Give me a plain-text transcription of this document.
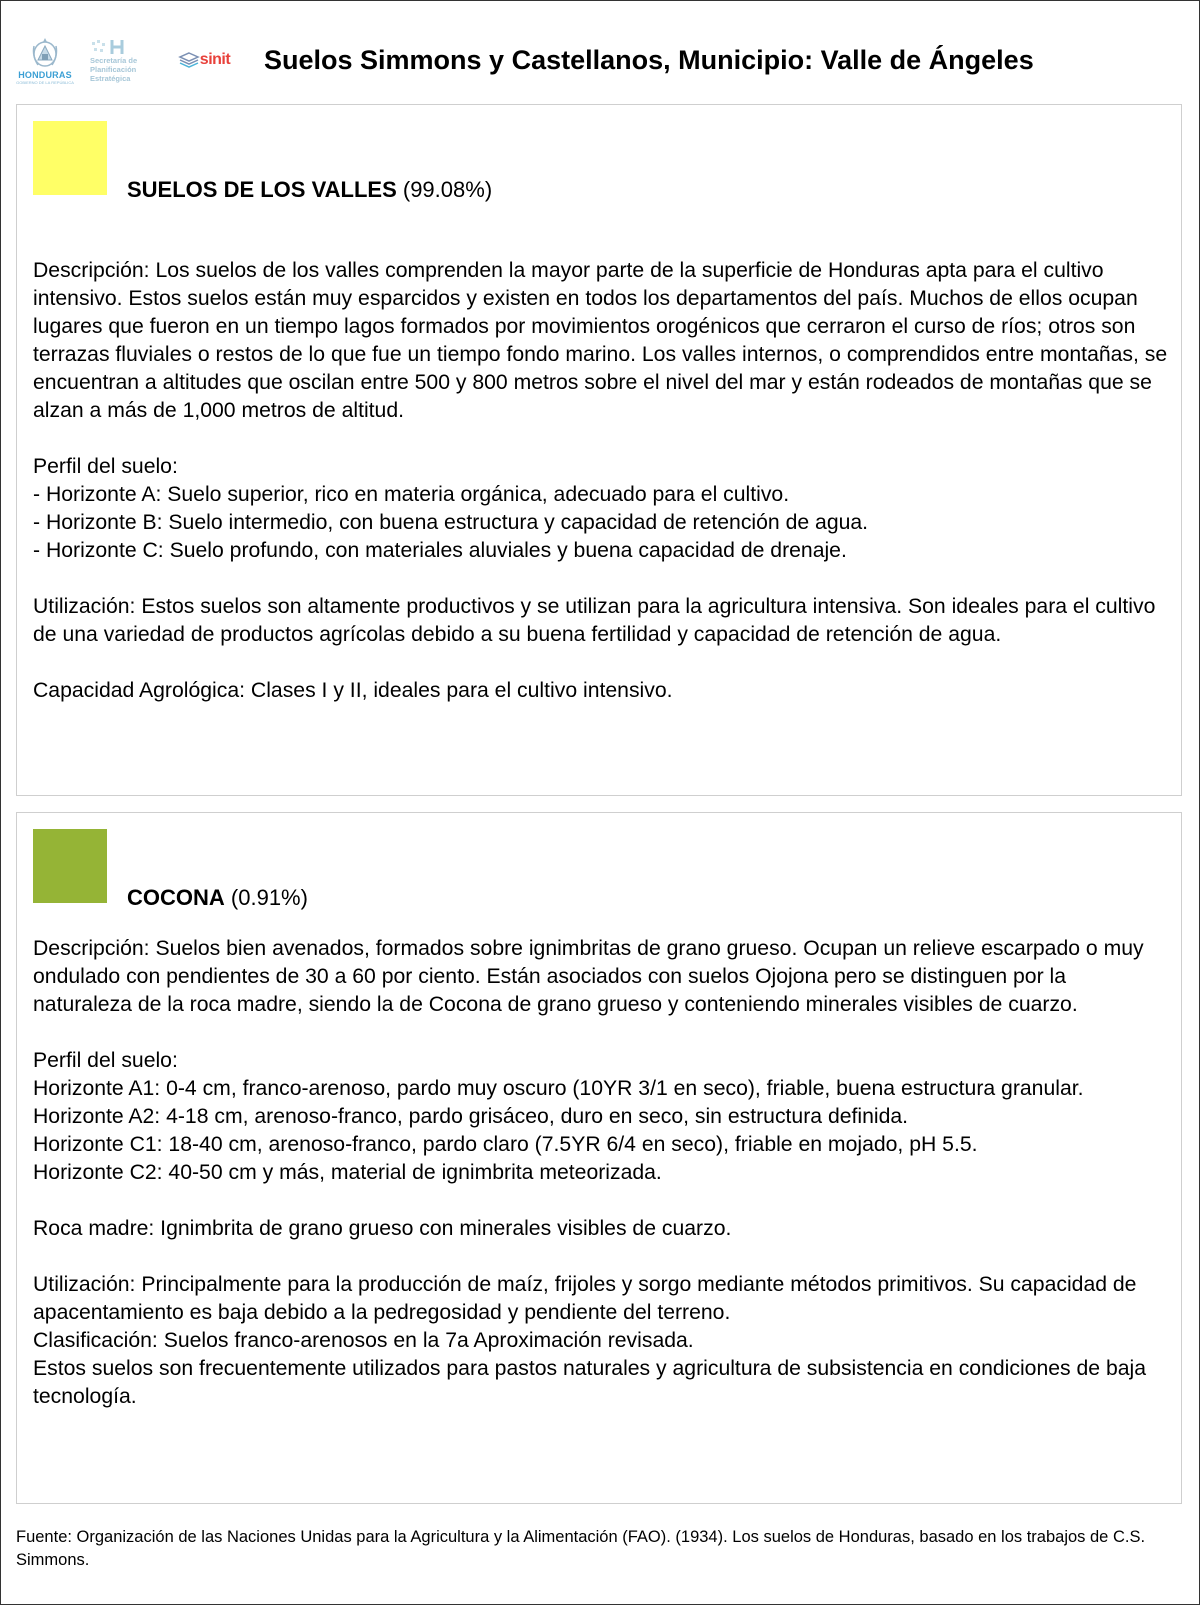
HONDURAS
GOBIERNO DE LA REPÚBLICA
Secretaría de
Planificación
Estratégica
sinit Suelos Simmons y Castellanos, Municipio: Valle de Ángeles
SUELOS DE LOS VALLES (99.08%)

Descripción: Los suelos de los valles comprenden la mayor parte de la superficie de Honduras apta para el cultivo intensivo. Estos suelos están muy esparcidos y existen en todos los departamentos del país. Muchos de ellos ocupan lugares que fueron en un tiempo lagos formados por movimientos orogénicos que cerraron el curso de ríos; otros son terrazas fluviales o restos de lo que fue un tiempo fondo marino. Los valles internos, o comprendidos entre montañas, se encuentran a altitudes que oscilan entre 500 y 800 metros sobre el nivel del mar y están rodeados de montañas que se alzan a más de 1,000 metros de altitud.

Perfil del suelo:
- Horizonte A: Suelo superior, rico en materia orgánica, adecuado para el cultivo.
- Horizonte B: Suelo intermedio, con buena estructura y capacidad de retención de agua.
- Horizonte C: Suelo profundo, con materiales aluviales y buena capacidad de drenaje.

Utilización: Estos suelos son altamente productivos y se utilizan para la agricultura intensiva. Son ideales para el cultivo de una variedad de productos agrícolas debido a su buena fertilidad y capacidad de retención de agua.

Capacidad Agrológica: Clases I y II, ideales para el cultivo intensivo.

COCONA (0.91%)

Descripción: Suelos bien avenados, formados sobre ignimbritas de grano grueso. Ocupan un relieve escarpado o muy ondulado con pendientes de 30 a 60 por ciento. Están asociados con suelos Ojojona pero se distinguen por la naturaleza de la roca madre, siendo la de Cocona de grano grueso y conteniendo minerales visibles de cuarzo.

Perfil del suelo:
Horizonte A1: 0-4 cm, franco-arenoso, pardo muy oscuro (10YR 3/1 en seco), friable, buena estructura granular.
Horizonte A2: 4-18 cm, arenoso-franco, pardo grisáceo, duro en seco, sin estructura definida.
Horizonte C1: 18-40 cm, arenoso-franco, pardo claro (7.5YR 6/4 en seco), friable en mojado, pH 5.5.
Horizonte C2: 40-50 cm y más, material de ignimbrita meteorizada.

Roca madre: Ignimbrita de grano grueso con minerales visibles de cuarzo.

Utilización: Principalmente para la producción de maíz, frijoles y sorgo mediante métodos primitivos. Su capacidad de apacentamiento es baja debido a la pedregosidad y pendiente del terreno.
Clasificación: Suelos franco-arenosos en la 7a Aproximación revisada.
Estos suelos son frecuentemente utilizados para pastos naturales y agricultura de subsistencia en condiciones de baja tecnología.

Fuente: Organización de las Naciones Unidas para la Agricultura y la Alimentación (FAO). (1934). Los suelos de Honduras, basado en los trabajos de C.S. Simmons.
